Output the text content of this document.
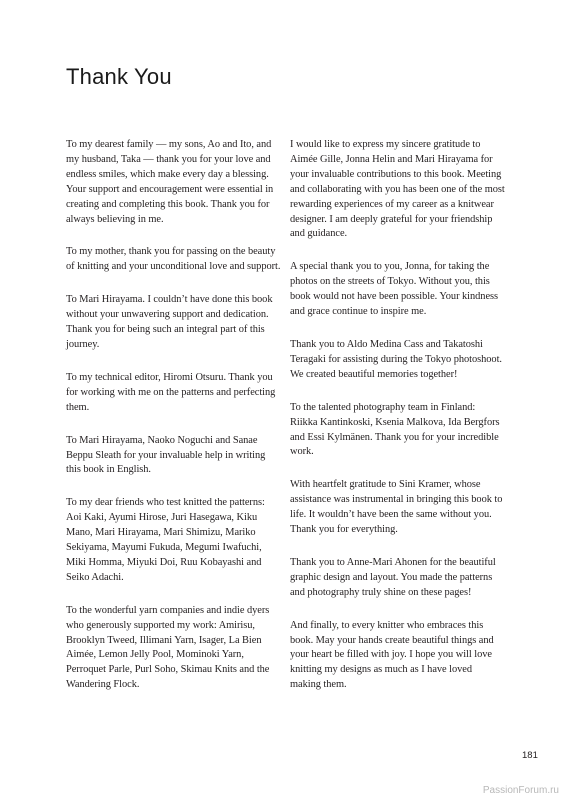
Thank You

To my dearest family — my sons, Ao and Ito, and my husband, Taka — thank you for your love and endless smiles, which make every day a blessing. Your support and encouragement were essential in creating and completing this book. Thank you for always believing in me.

To my mother, thank you for passing on the beauty of knitting and your unconditional love and support.

To Mari Hirayama. I couldn’t have done this book without your unwavering support and dedication. Thank you for being such an integral part of this journey.

To my technical editor, Hiromi Otsuru. Thank you for working with me on the patterns and perfecting them.

To Mari Hirayama, Naoko Noguchi and Sanae Beppu Sleath for your invaluable help in writing this book in English.

To my dear friends who test knitted the patterns: Aoi Kaki, Ayumi Hirose, Juri Hasegawa, Kiku Mano, Mari Hirayama, Mari Shimizu, Mariko Sekiyama, Mayumi Fukuda, Megumi Iwafuchi, Miki Homma, Miyuki Doi, Ruu Kobayashi and Seiko Adachi.

To the wonderful yarn companies and indie dyers who generously supported my work: Amirisu, Brooklyn Tweed, Illimani Yarn, Isager, La Bien Aimée, Lemon Jelly Pool, Mominoki Yarn, Perroquet Parle, Purl Soho, Skimau Knits and the Wandering Flock.

I would like to express my sincere gratitude to Aimée Gille, Jonna Helin and Mari Hirayama for your invaluable contributions to this book. Meeting and collaborating with you has been one of the most rewarding experiences of my career as a knitwear designer. I am deeply grateful for your friendship and guidance.

A special thank you to you, Jonna, for taking the photos on the streets of Tokyo. Without you, this book would not have been possible. Your kindness and grace continue to inspire me.

Thank you to Aldo Medina Cass and Takatoshi Teragaki for assisting during the Tokyo photoshoot. We created beautiful memories together!

To the talented photography team in Finland: Riikka Kantinkoski, Ksenia Malkova, Ida Bergfors and Essi Kylmänen. Thank you for your incredible work.

With heartfelt gratitude to Sini Kramer, whose assistance was instrumental in bringing this book to life. It wouldn’t have been the same without you. Thank you for everything.

Thank you to Anne-Mari Ahonen for the beautiful graphic design and layout. You made the patterns and photography truly shine on these pages!

And finally, to every knitter who embraces this book. May your hands create beautiful things and your heart be filled with joy. I hope you will love knitting my designs as much as I have loved making them.

181
PassionForum.ru
